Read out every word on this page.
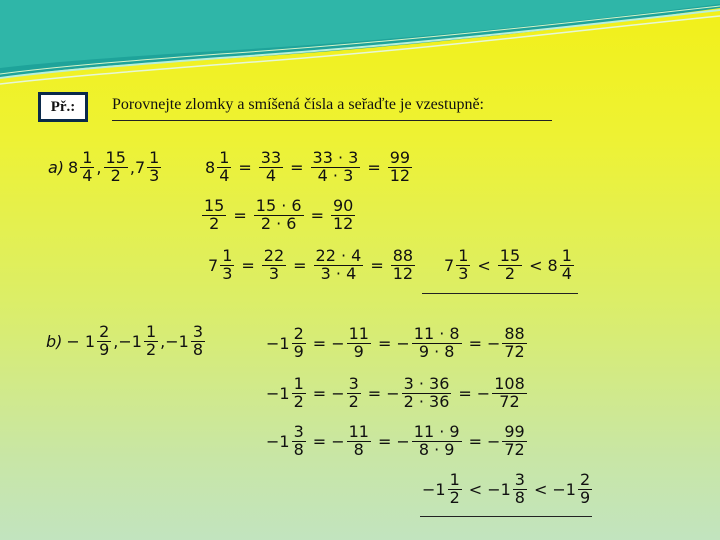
Př.: Porovnejte zlomky a smíšená čísla a seřaďte je vzestupně:
a) $8 \frac{1}{4}$ , $\frac{15}{2}$ , $7 \frac{1}{3}$	$8 \frac{1}{4} = \frac{33}{4} = \frac{33 \cdot 3}{4 \cdot 3} = \frac{99}{12}$
$\frac{15}{2} = \frac{15 \cdot 6}{2 \cdot 6} = \frac{90}{12}$
$7 \frac{1}{3} = \frac{22}{3} = \frac{22 \cdot 4}{3 \cdot 4} = \frac{88}{12} 7 \frac{1}{3} < \frac{15}{2} < 8 \frac{1}{4}$
$b) - 1 \frac{2}{9}$ , $-1 \frac{1}{2}$ , $-1 \frac{3}{8}$	$-1 \frac{2}{9}$ = − $\frac{11}{9}$ = − $\frac{11 \cdot 8}{9 \cdot 8}$ = − $\frac{88}{72}$
$-1 \frac{1}{2}$ = − $\frac{3}{2}$ = − $\frac{3 \cdot 36}{2 \cdot 36}$ = − $\frac{108}{72}$
$-1 \frac{3}{8}$ = − $\frac{11}{8}$ = − $\frac{11 \cdot 9}{8 \cdot 9}$ = − $\frac{99}{72}$
$-1 \frac{1}{2} < -1 \frac{3}{8} < -1 \frac{2}{9}$
